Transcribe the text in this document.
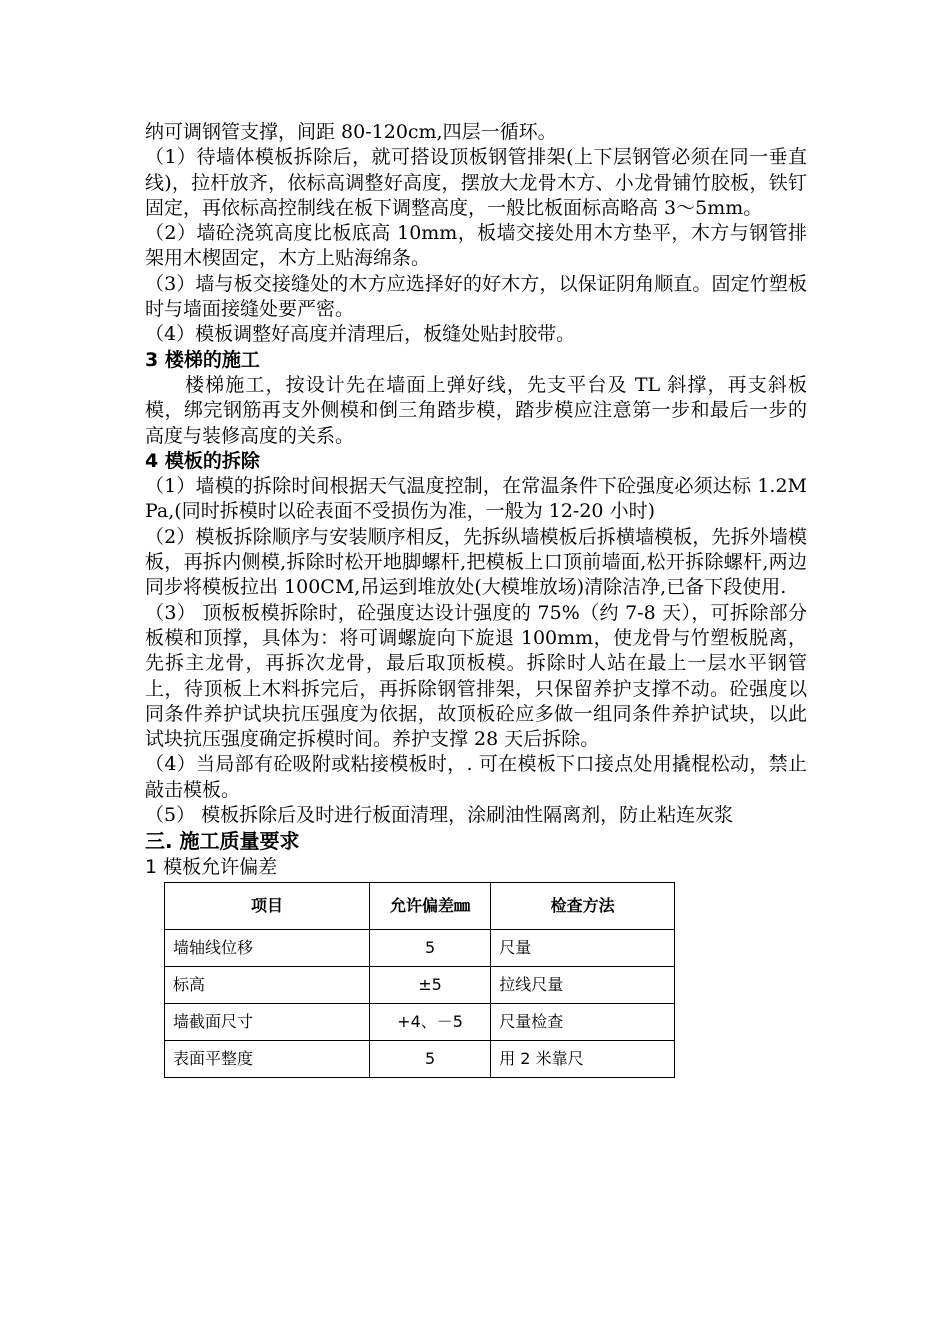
纳可调钢管支撑，间距 80-120cm,四层一循环。

（1）待墙体模板拆除后，就可搭设顶板钢管排架(上下层钢管必须在同一垂直线)，拉杆放齐，依标高调整好高度，摆放大龙骨木方、小龙骨铺竹胶板，铁钉固定，再依标高控制线在板下调整高度，一般比板面标高略高 3～5mm。

（2）墙砼浇筑高度比板底高 10mm，板墙交接处用木方垫平，木方与钢管排架用木楔固定，木方上贴海绵条。

（3）墙与板交接缝处的木方应选择好的好木方，以保证阴角顺直。固定竹塑板时与墙面接缝处要严密。

（4）模板调整好高度并清理后，板缝处贴封胶带。

3 楼梯的施工

楼梯施工，按设计先在墙面上弹好线，先支平台及 TL 斜撑，再支斜板模，绑完钢筋再支外侧模和倒三角踏步模，踏步模应注意第一步和最后一步的高度与装修高度的关系。

4 模板的拆除

（1）墙模的拆除时间根据天气温度控制，在常温条件下砼强度必须达标 1.2MPa,(同时拆模时以砼表面不受损伤为准，一般为 12-20 小时)

（2）模板拆除顺序与安装顺序相反，先拆纵墙模板后拆横墙模板，先拆外墙模板，再拆内侧模,拆除时松开地脚螺杆,把模板上口顶前墙面,松开拆除螺杆,两边同步将模板拉出 100CM,吊运到堆放处(大模堆放场)清除洁净,已备下段使用.

（3） 顶板板模拆除时，砼强度达设计强度的 75%（约 7-8 天），可拆除部分板模和顶撑，具体为：将可调螺旋向下旋退 100mm，使龙骨与竹塑板脱离，先拆主龙骨，再拆次龙骨，最后取顶板模。拆除时人站在最上一层水平钢管上，待顶板上木料拆完后，再拆除钢管排架，只保留养护支撑不动。砼强度以同条件养护试块抗压强度为依据，故顶板砼应多做一组同条件养护试块，以此试块抗压强度确定拆模时间。养护支撑 28 天后拆除。

（4）当局部有砼吸附或粘接模板时，. 可在模板下口接点处用撬棍松动，禁止敲击模板。

（5） 模板拆除后及时进行板面清理，涂刷油性隔离剂，防止粘连灰浆

三. 施工质量要求

1 模板允许偏差

项目	允许偏差㎜	检查方法
墙轴线位移	5	尺量
标高	±5	拉线尺量
墙截面尺寸	+4、－5	尺量检查
表面平整度	5	用 2 米靠尺
